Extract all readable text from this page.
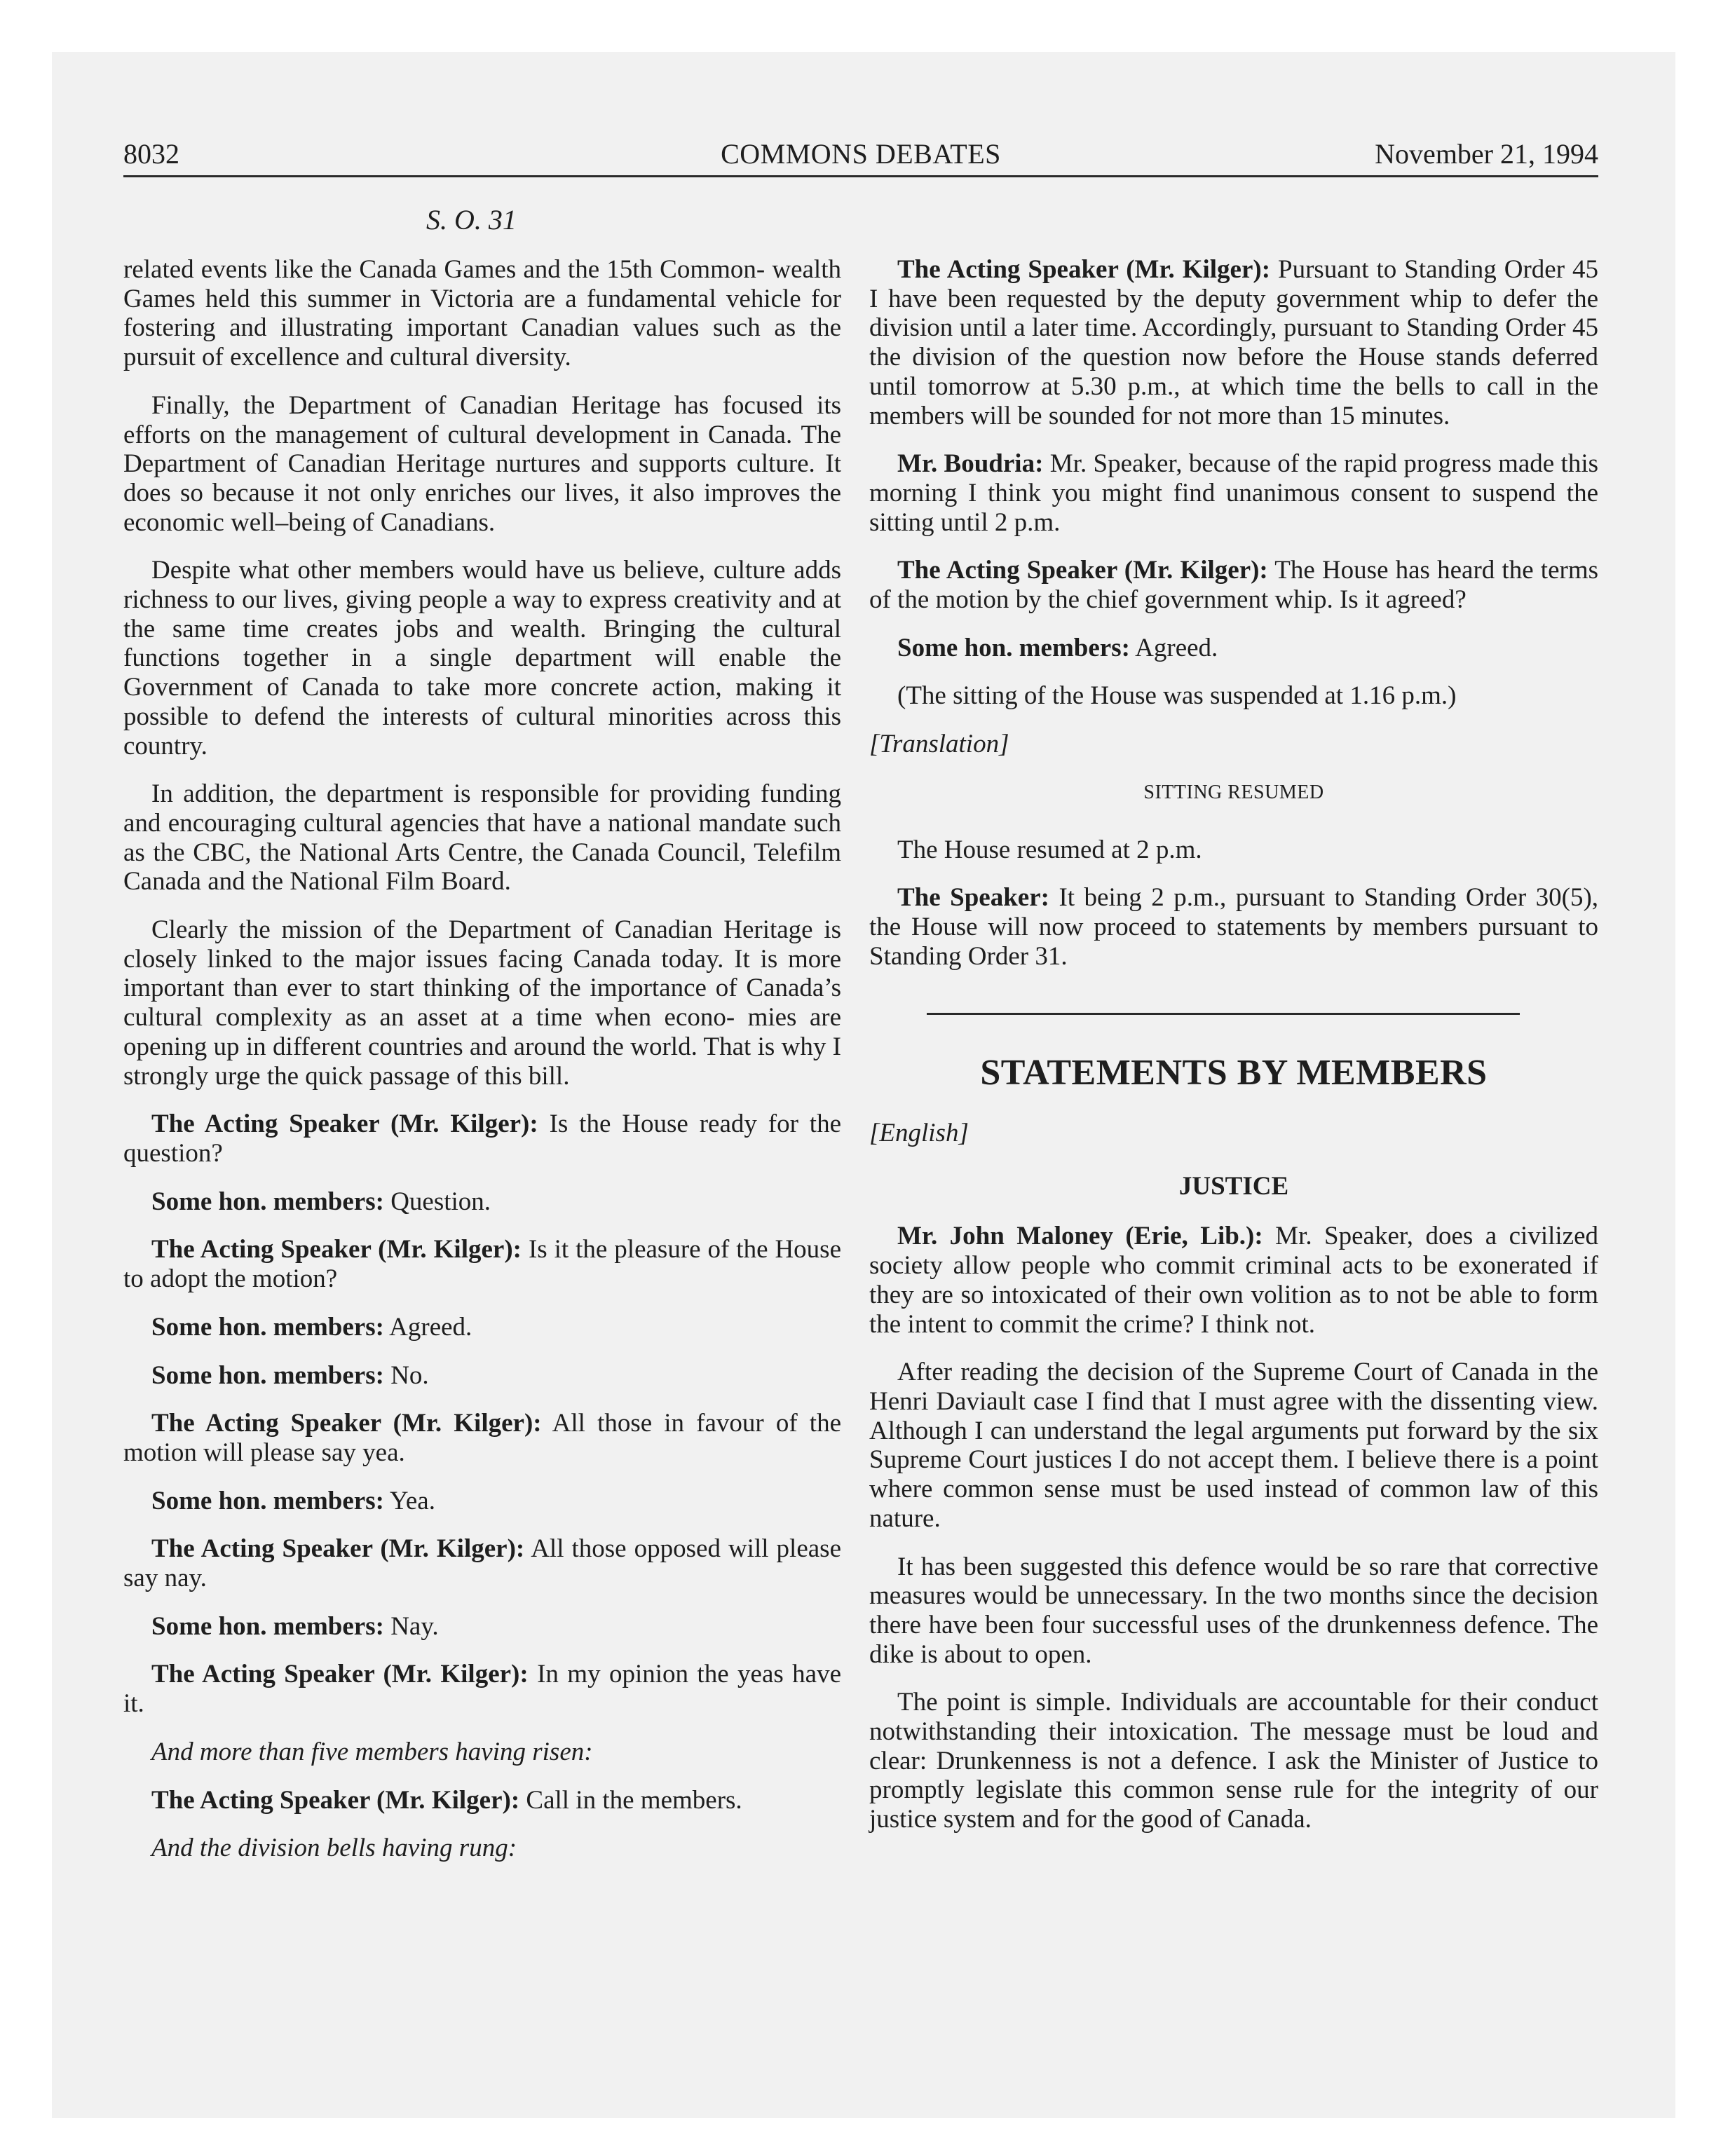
8032	COMMONS DEBATES	November 21, 1994
S. O. 31

related events like the Canada Games and the 15th Common- wealth Games held this summer in Victoria are a fundamental vehicle for fostering and illustrating important Canadian values such as the pursuit of excellence and cultural diversity.

Finally, the Department of Canadian Heritage has focused its efforts on the management of cultural development in Canada. The Department of Canadian Heritage nurtures and supports culture. It does so because it not only enriches our lives, it also improves the economic well–being of Canadians.

Despite what other members would have us believe, culture adds richness to our lives, giving people a way to express creativity and at the same time creates jobs and wealth. Bringing the cultural functions together in a single department will enable the Government of Canada to take more concrete action, making it possible to defend the interests of cultural minorities across this country.

In addition, the department is responsible for providing funding and encouraging cultural agencies that have a national mandate such as the CBC, the National Arts Centre, the Canada Council, Telefilm Canada and the National Film Board.

Clearly the mission of the Department of Canadian Heritage is closely linked to the major issues facing Canada today. It is more important than ever to start thinking of the importance of Canada’s cultural complexity as an asset at a time when econo- mies are opening up in different countries and around the world. That is why I strongly urge the quick passage of this bill.

The Acting Speaker (Mr. Kilger): Is the House ready for the question?

Some hon. members: Question.

The Acting Speaker (Mr. Kilger): Is it the pleasure of the House to adopt the motion?

Some hon. members: Agreed.

Some hon. members: No.

The Acting Speaker (Mr. Kilger): All those in favour of the motion will please say yea.

Some hon. members: Yea.

The Acting Speaker (Mr. Kilger): All those opposed will please say nay.

Some hon. members: Nay.

The Acting Speaker (Mr. Kilger): In my opinion the yeas have it.

And more than five members having risen:

The Acting Speaker (Mr. Kilger): Call in the members.

And the division bells having rung:

The Acting Speaker (Mr. Kilger): Pursuant to Standing Order 45 I have been requested by the deputy government whip to defer the division until a later time. Accordingly, pursuant to Standing Order 45 the division of the question now before the House stands deferred until tomorrow at 5.30 p.m., at which time the bells to call in the members will be sounded for not more than 15 minutes.

Mr. Boudria: Mr. Speaker, because of the rapid progress made this morning I think you might find unanimous consent to suspend the sitting until 2 p.m.

The Acting Speaker (Mr. Kilger): The House has heard the terms of the motion by the chief government whip. Is it agreed?

Some hon. members: Agreed.

(The sitting of the House was suspended at 1.16 p.m.)

[Translation]

SITTING RESUMED

The House resumed at 2 p.m.

The Speaker: It being 2 p.m., pursuant to Standing Order 30(5), the House will now proceed to statements by members pursuant to Standing Order 31.

STATEMENTS BY MEMBERS

[English]

JUSTICE

Mr. John Maloney (Erie, Lib.): Mr. Speaker, does a civilized society allow people who commit criminal acts to be exonerated if they are so intoxicated of their own volition as to not be able to form the intent to commit the crime? I think not.

After reading the decision of the Supreme Court of Canada in the Henri Daviault case I find that I must agree with the dissenting view. Although I can understand the legal arguments put forward by the six Supreme Court justices I do not accept them. I believe there is a point where common sense must be used instead of common law of this nature.

It has been suggested this defence would be so rare that corrective measures would be unnecessary. In the two months since the decision there have been four successful uses of the drunkenness defence. The dike is about to open.

The point is simple. Individuals are accountable for their conduct notwithstanding their intoxication. The message must be loud and clear: Drunkenness is not a defence. I ask the Minister of Justice to promptly legislate this common sense rule for the integrity of our justice system and for the good of Canada.
